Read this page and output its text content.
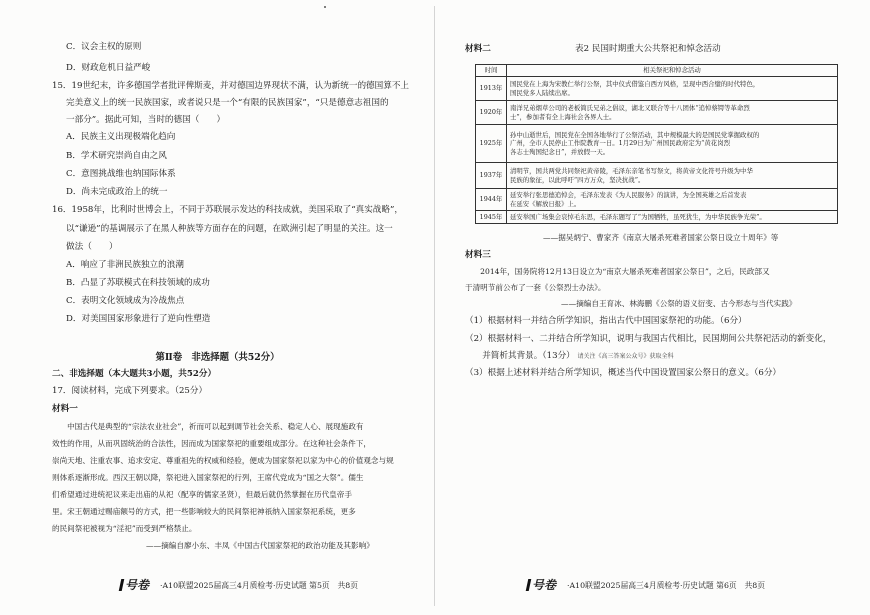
C．议会主权的原则
D．财政危机日益严峻
15．19世纪末，许多德国学者批评俾斯麦，并对德国边界现状不满，认为新统一的德国算不上
完美意义上的统一民族国家，或者说只是一个“有限的民族国家”，“只是德意志祖国的
一部分”。据此可知，当时的德国（　　）
A．民族主义出现极端化趋向
B．学术研究崇尚自由之风
C．意图挑战维也纳国际体系
D．尚未完成政治上的统一
16．1958年，比利时世博会上，不同于苏联展示发达的科技成就，美国采取了“真实战略”，
以“谦逊”的基调展示了在黑人种族等方面存在的问题，在欧洲引起了明显的关注。这一
做法（　　）
A．响应了非洲民族独立的浪潮
B．凸显了苏联模式在科技领域的成功
C．表明文化领域成为冷战焦点
D．对美国国家形象进行了逆向性塑造
第Ⅱ卷　非选择题（共52分）
二、非选择题（本大题共3小题，共52分）
17．阅读材料，完成下列要求。（25分）
材料一
　　中国古代是典型的“宗法农业社会”，祈而可以起到调节社会关系、稳定人心、展现施政有
效性的作用，从而巩固统治的合法性，因而成为国家祭祀的重要组成部分。在这种社会条件下，
崇尚天地、注重农事、追求安定、尊重祖先的权威和经验，便成为国家祭祀以家为中心的价值观念与规
则体系逐渐形成。西汉王朝以降，祭祀进入国家祭祀的行列，王席代党成为“国之大祭”。儒生
们希望通过进统祀议来走出庙的从祀（配享的儒家圣贤），但最后就仍然掌握在历代皇帝手
里。宋王朝通过赐庙额号的方式，把一些影响较大的民间祭祀神祇纳入国家祭祀系统，更多
的民间祭祀被视为“淫祀”而受到严格禁止。
——摘编自廖小东、丰凤《中国古代国家祭祀的政治功能及其影响》
号卷 ·A10联盟2025届高三4月质检考·历史试题 第5页　共8页
材料二	表2 民国时期重大公共祭祀和悼念活动
时间	相关祭祀和悼念活动
1913年	国民党在上海为宋教仁举行公祭，其中仪式借鉴自西方风格，呈现中西合璧的时代特色，
国民党多人陆续出席。

1920年	南洋兄弟烟草公司的老板简氏兄弟之倡议，湖北又联合等十八团体“追悼蔡锷等革命烈
士”，参加者有全上海社会各界人士。

1925年	孙中山逝世后，国民党在全国各地举行了公祭活动，其中规模最大的是国民党掌握政权的
广州，全市人民停止工作院教育一日。1月29日为广州国民政府定为“黄花岗烈
各志士殉国纪念日”，并放假一天。

1937年	清明节，国共两党共同祭祀黄帝陵，毛泽东亲笔书写祭文，将黄帝文化符号升级为中华
民族的象征，以此呼吁“四方万众，坚决抗战”。

1944年	延安举行张思德追悼会，毛泽东发表《为人民服务》的演讲，为全国英雄之后首发表
在延安《解放日报》上。

1945年	延安举国广场集会哀悼毛东思，毛泽东题写了“为国牺牲，虽死犹生，为中华民族争光荣”。
——据吴炳宁、曹家齐《南京大屠杀死难者国家公祭日设立十周年》等
材料三
　　2014年，国务院将12月13日设立为“南京大屠杀死难者国家公祭日”，之后，民政部又
于清明节前公布了一套《公祭烈士办法》。
——摘编自王育冰、林海鹏《公祭的语义衍变、古今形态与当代实践》
（1）根据材料一并结合所学知识，指出古代中国国家祭祀的功能。（6分）
（2）根据材料一、二并结合所学知识，说明与我国古代相比，民国期间公共祭祀活动的新变化，
　　并简析其背景。（13分） 请关注《高三答案公众号》获取全科
（3）根据上述材料并结合所学知识，概述当代中国设置国家公祭日的意义。（6分）
号卷 ·A10联盟2025届高三4月质检考·历史试题 第6页　共8页
